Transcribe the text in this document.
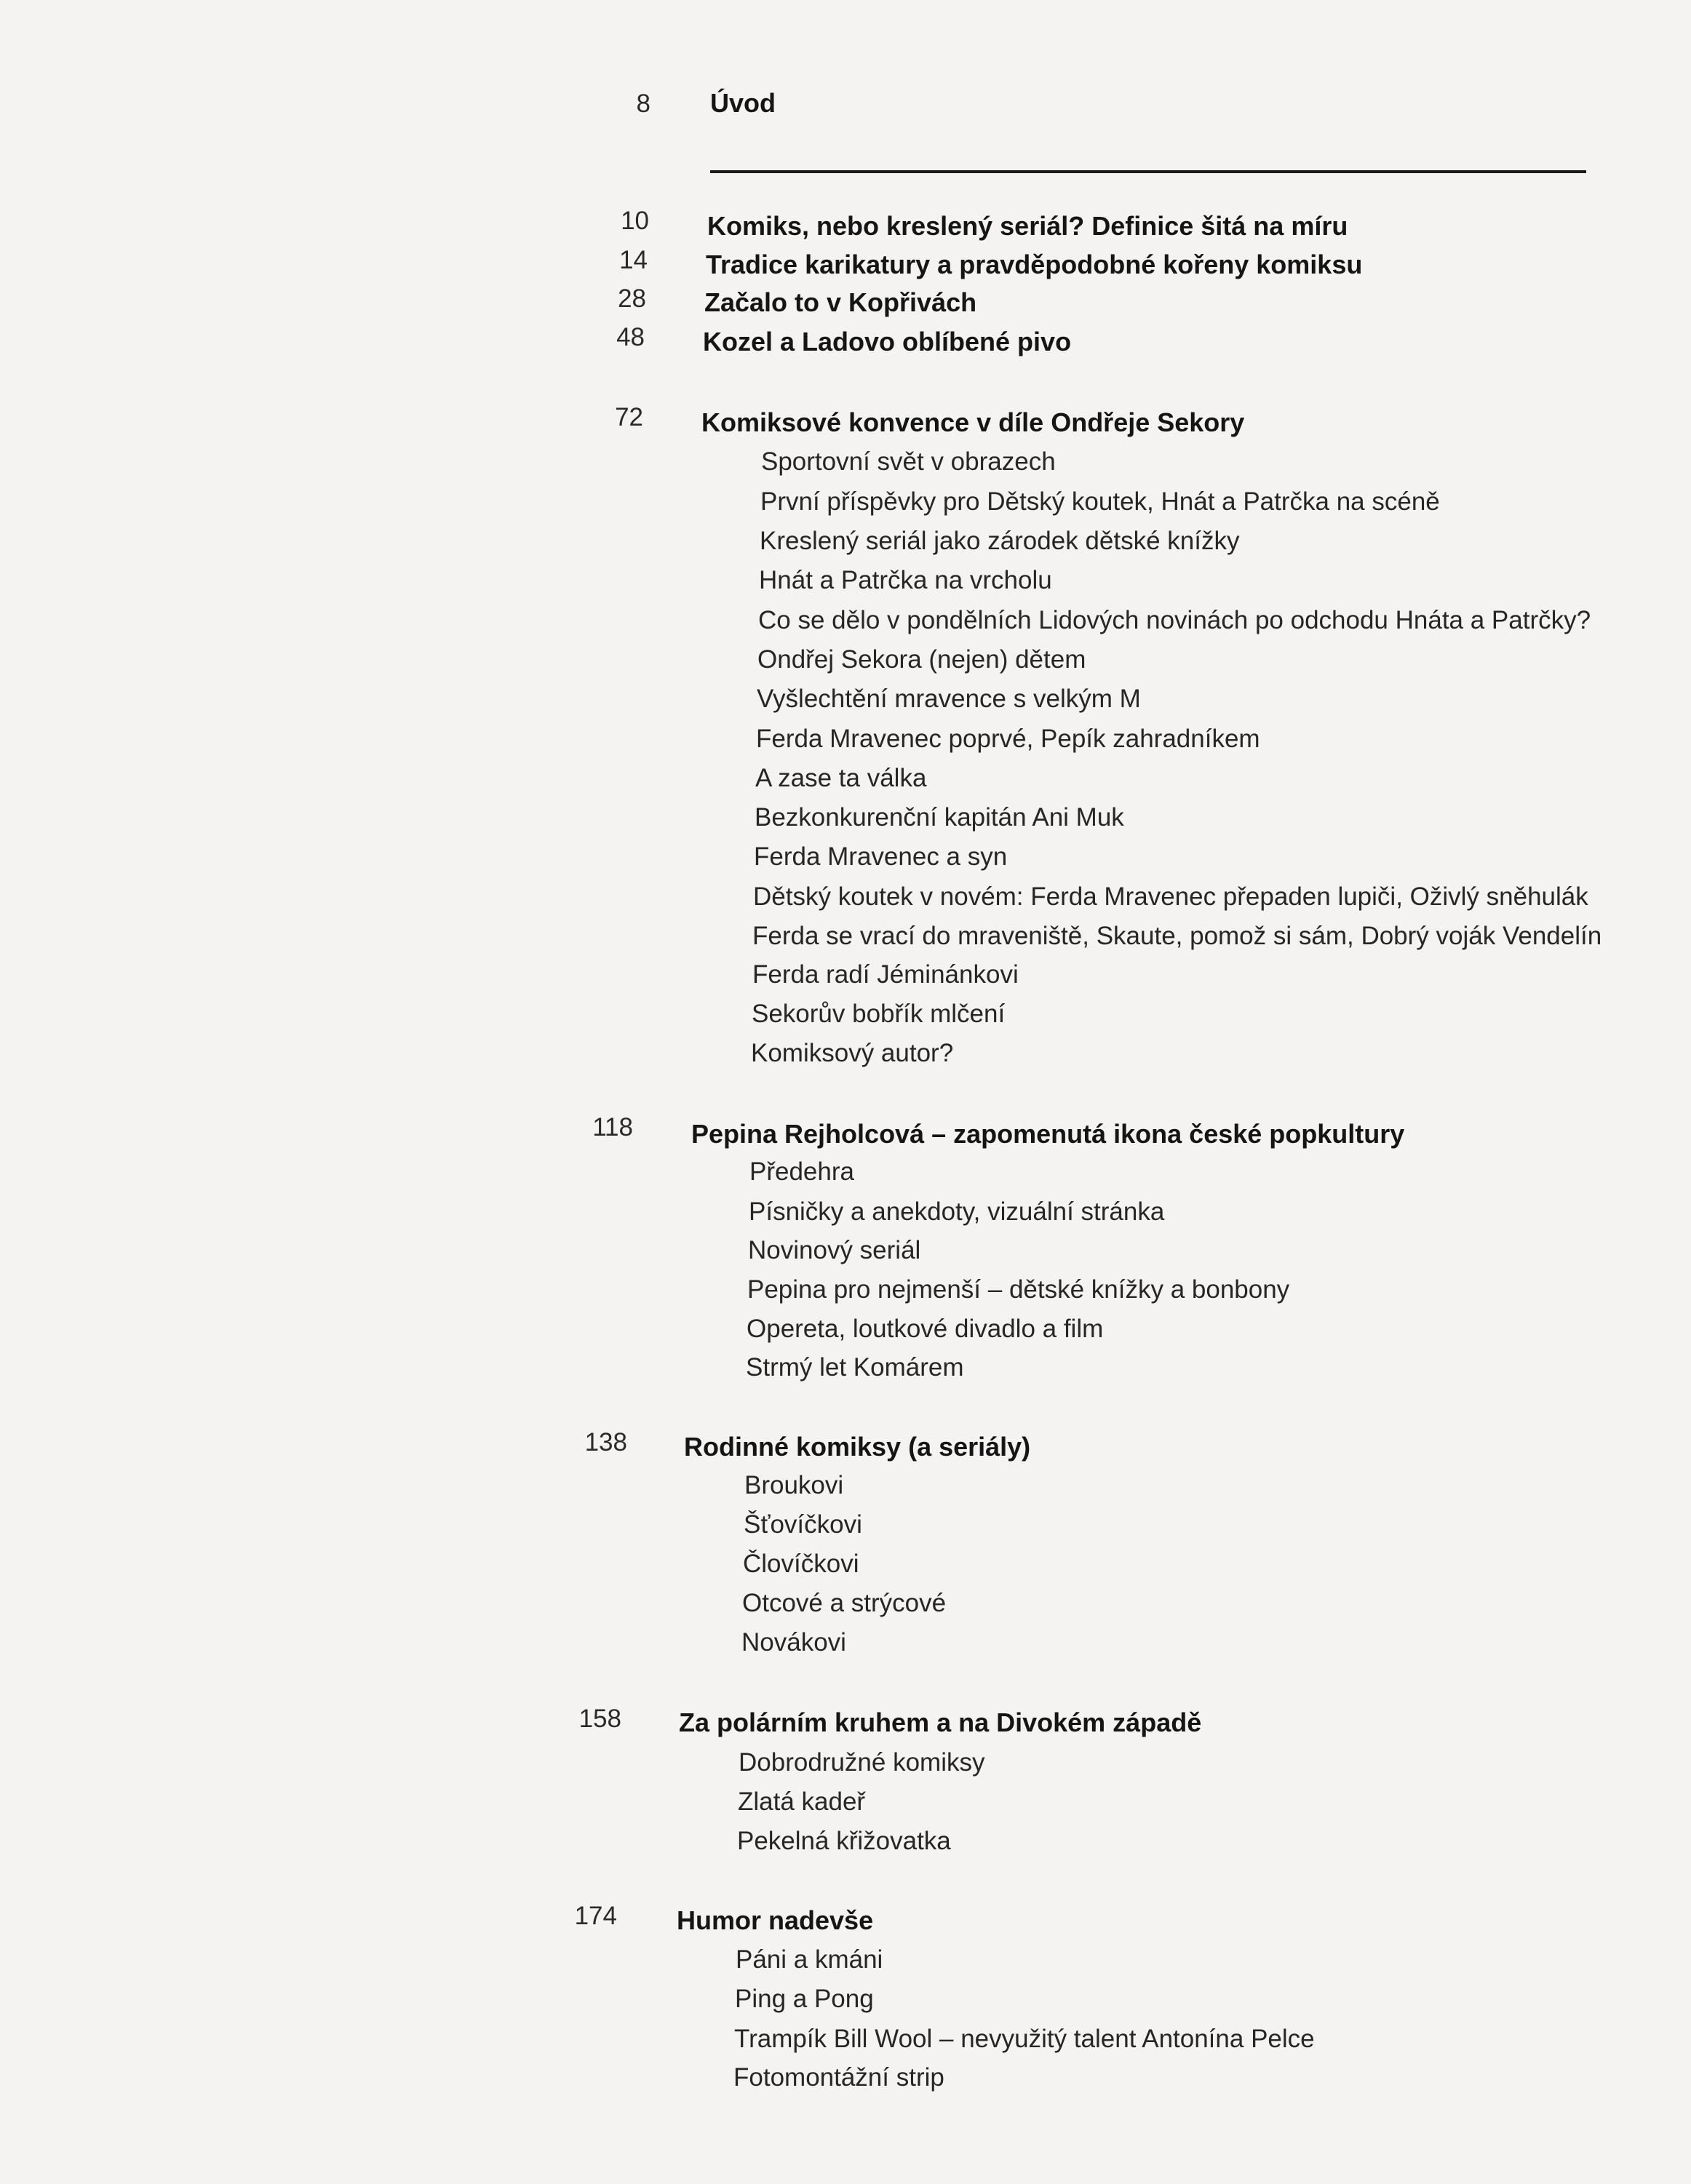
8 Úvod
10 Komiks, nebo kreslený seriál? Definice šitá na míru
14 Tradice karikatury a pravděpodobné kořeny komiksu
28 Začalo to v Kopřivách
48 Kozel a Ladovo oblíbené pivo
72 Komiksové konvence v díle Ondřeje Sekory
Sportovní svět v obrazech
První příspěvky pro Dětský koutek, Hnát a Patrčka na scéně
Kreslený seriál jako zárodek dětské knížky
Hnát a Patrčka na vrcholu
Co se dělo v pondělních Lidových novinách po odchodu Hnáta a Patrčky?
Ondřej Sekora (nejen) dětem
Vyšlechtění mravence s velkým M
Ferda Mravenec poprvé, Pepík zahradníkem
A zase ta válka
Bezkonkurenční kapitán Ani Muk
Ferda Mravenec a syn
Dětský koutek v novém: Ferda Mravenec přepaden lupiči, Oživlý sněhulák
Ferda se vrací do mraveniště, Skaute, pomož si sám, Dobrý voják Vendelín
Ferda radí Jéminánkovi
Sekorův bobřík mlčení
Komiksový autor?
118 Pepina Rejholcová – zapomenutá ikona české popkultury
Předehra
Písničky a anekdoty, vizuální stránka
Novinový seriál
Pepina pro nejmenší – dětské knížky a bonbony
Opereta, loutkové divadlo a film
Strmý let Komárem
138 Rodinné komiksy (a seriály)
Broukovi
Šťovíčkovi
Človíčkovi
Otcové a strýcové
Novákovi
158 Za polárním kruhem a na Divokém západě
Dobrodružné komiksy
Zlatá kadeř
Pekelná křižovatka
174 Humor nadevše
Páni a kmáni
Ping a Pong
Trampík Bill Wool – nevyužitý talent Antonína Pelce
Fotomontážní strip
